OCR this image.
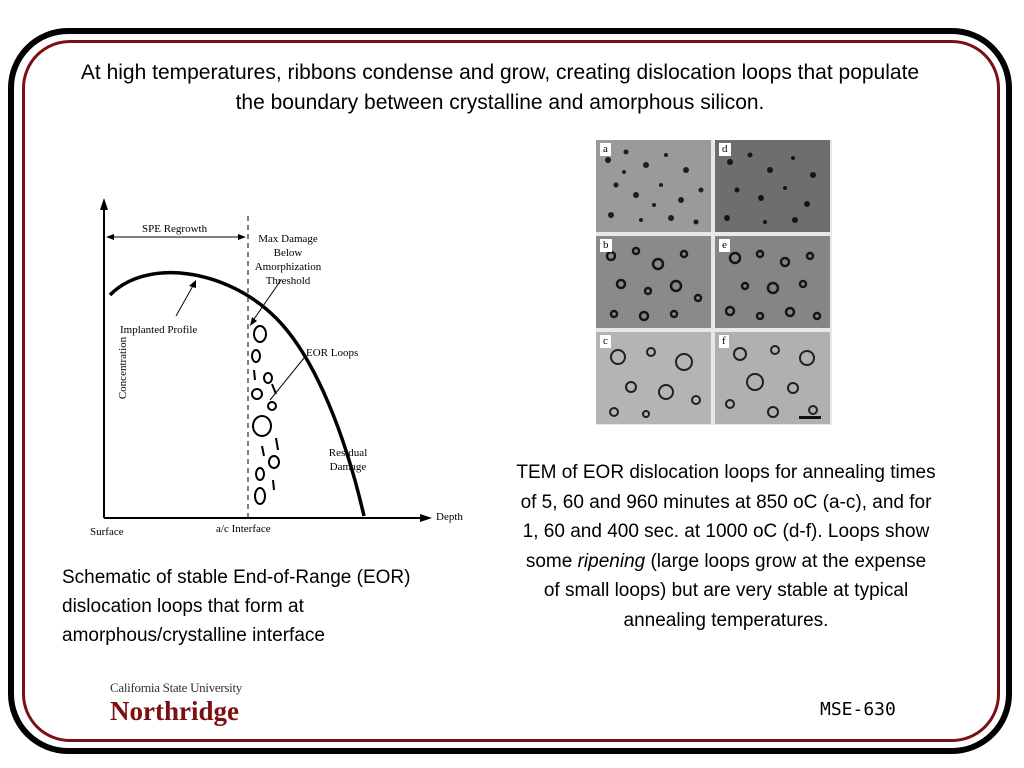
At high temperatures, ribbons condense and grow, creating dislocation loops that populate the boundary between crystalline and amorphous silicon.
SPE Regrowth
Max Damage
Below
Amorphization
Threshold
Implanted Profile
EOR Loops
Residual
Damage
Concentration
Depth
Surface	a/c Interface
Schematic of stable End-of-Range (EOR) dislocation loops that form at amorphous/crystalline interface
a	d
b	e
c	f
TEM of EOR dislocation loops for annealing times of 5, 60 and 960 minutes at 850 oC (a-c), and for 1, 60 and 400 sec. at 1000 oC (d-f). Loops show some ripening (large loops grow at the expense of small loops) but are very stable at typical annealing temperatures.
California State University
Northridge	MSE-630
